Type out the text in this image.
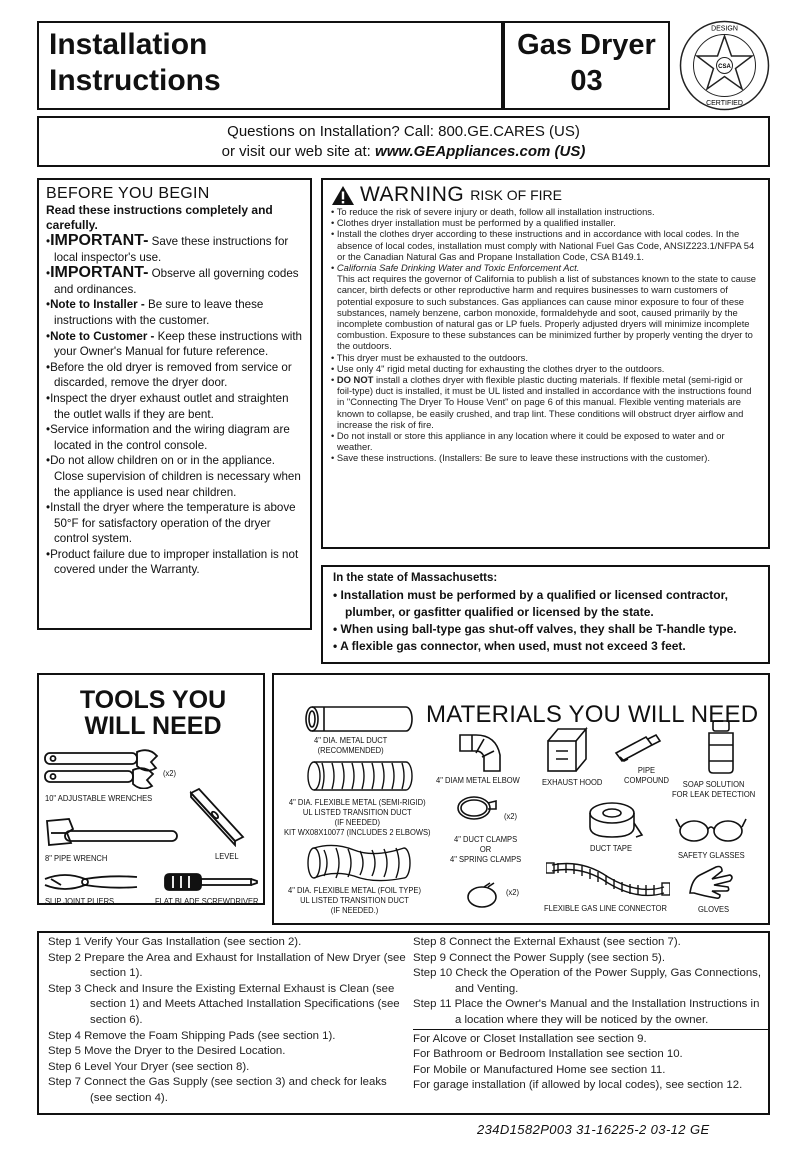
Installation
Instructions
Gas Dryer
03	CSA
DESIGN
CERTIFIED
Questions on Installation? Call: 800.GE.CARES (US)
or visit our web site at: www.GEAppliances.com (US)
BEFORE YOU BEGIN
Read these instructions completely and carefully.
•IMPORTANT- Save these instructions for local inspector's use.
•IMPORTANT- Observe all governing codes and ordinances.
•Note to Installer - Be sure to leave these instructions with the customer.
•Note to Customer - Keep these instructions with your Owner's Manual for future reference.
•Before the old dryer is removed from service or discarded, remove the dryer door.
•Inspect the dryer exhaust outlet and straighten the outlet walls if they are bent.
•Service information and the wiring diagram are located in the control console.
•Do not allow children on or in the appliance. Close supervision of children is necessary when the appliance is used near children.
•Install the dryer where the temperature is above 50°F for satisfactory operation of the dryer control system.
•Product failure due to improper installation is not covered under the Warranty.
WARNING RISK OF FIRE
• To reduce the risk of severe injury or death, follow all installation instructions.
• Clothes dryer installation must be performed by a qualified installer.
• Install the clothes dryer according to these instructions and in accordance with local codes. In the absence of local codes, installation must comply with National Fuel Gas Code, ANSIZ223.1/NFPA 54 or the Canadian Natural Gas and Propane Installation Code, CSA B149.1.
• California Safe Drinking Water and Toxic Enforcement Act.
This act requires the governor of California to publish a list of substances known to the state to cause cancer, birth defects or other reproductive harm and requires businesses to warn customers of potential exposure to such substances. Gas appliances can cause minor exposure to four of these substances, namely benzene, carbon monoxide, formaldehyde and soot, caused primarily by the incomplete combustion of natural gas or LP fuels. Properly adjusted dryers will minimize incomplete combustion. Exposure to these substances can be minimized further by properly venting the dryer to the outdoors.
• This dryer must be exhausted to the outdoors.
• Use only 4" rigid metal ducting for exhausting the clothes dryer to the outdoors.
• DO NOT install a clothes dryer with flexible plastic ducting materials. If flexible metal (semi-rigid or foil-type) duct is installed, it must be UL listed and installed in accordance with the instructions found in "Connecting The Dryer To House Vent" on page 6 of this manual. Flexible venting materials are known to collapse, be easily crushed, and trap lint. These conditions will obstruct dryer airflow and increase the risk of fire.
• Do not install or store this appliance in any location where it could be exposed to water and or weather.
• Save these instructions. (Installers: Be sure to leave these instructions with the customer).
In the state of Massachusetts:
• Installation must be performed by a qualified or licensed contractor, plumber, or gasfitter qualified or licensed by the state.
• When using ball-type gas shut-off valves, they shall be T-handle type.
• A flexible gas connector, when used, must not exceed 3 feet.
TOOLS YOU
WILL NEED
(x2)
10" ADJUSTABLE WRENCHES
LEVEL
8" PIPE WRENCH
SLIP JOINT PLIERS	FLAT BLADE SCREWDRIVER
MATERIALS YOU WILL NEED
4" DIA. METAL DUCT
(RECOMMENDED)
4" DIA. FLEXIBLE METAL (SEMI-RIGID)
UL LISTED TRANSITION DUCT
(IF NEEDED)
KIT WX08X10077 (INCLUDES 2 ELBOWS)
4" DIA. FLEXIBLE METAL (FOIL TYPE)
UL LISTED TRANSITION DUCT
(IF NEEDED.)
4" DIAM METAL ELBOW	EXHAUST HOOD
PIPE
COMPOUND	SOAP SOLUTION
FOR LEAK DETECTION
(x2)
4" DUCT CLAMPS
OR
4" SPRING CLAMPS
(x2)
DUCT TAPE
SAFETY GLASSES
FLEXIBLE GAS LINE CONNECTOR	GLOVES
Step 1 Verify Your Gas Installation (see section 2).
Step 2 Prepare the Area and Exhaust for Installation of New Dryer (see section 1).
Step 3 Check and Insure the Existing External Exhaust is Clean (see section 1) and Meets Attached Installation Specifications (see section 6).
Step 4 Remove the Foam Shipping Pads (see section 1).
Step 5 Move the Dryer to the Desired Location.
Step 6 Level Your Dryer (see section 8).
Step 7 Connect the Gas Supply (see section 3) and check for leaks (see section 4).
Step 8 Connect the External Exhaust (see section 7).
Step 9 Connect the Power Supply (see section 5).
Step 10 Check the Operation of the Power Supply, Gas Connections, and Venting.
Step 11 Place the Owner's Manual and the Installation Instructions in a location where they will be noticed by the owner.
For Alcove or Closet Installation see section 9.
For Bathroom or Bedroom Installation see section 10.
For Mobile or Manufactured Home see section 11.
For garage installation (if allowed by local codes), see section 12.
234D1582P003 31-16225-2 03-12 GE
